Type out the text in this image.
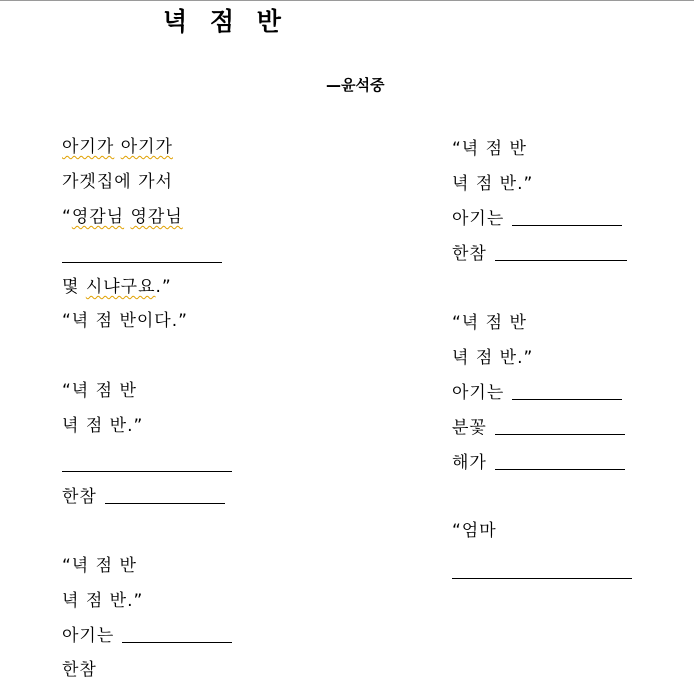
녁 점 반
—윤석중
아기가 아기가
가겟집에 가서
“영감님 영감님
몇 시냐구요.”
“녁 점 반이다.”
“녁 점 반
녁 점 반.”
한참
“녁 점 반
녁 점 반.”
아기는
한참
“녁 점 반
녁 점 반.”
아기는
한참
“녁 점 반
녁 점 반.”
아기는
분꽃
해가
“엄마
